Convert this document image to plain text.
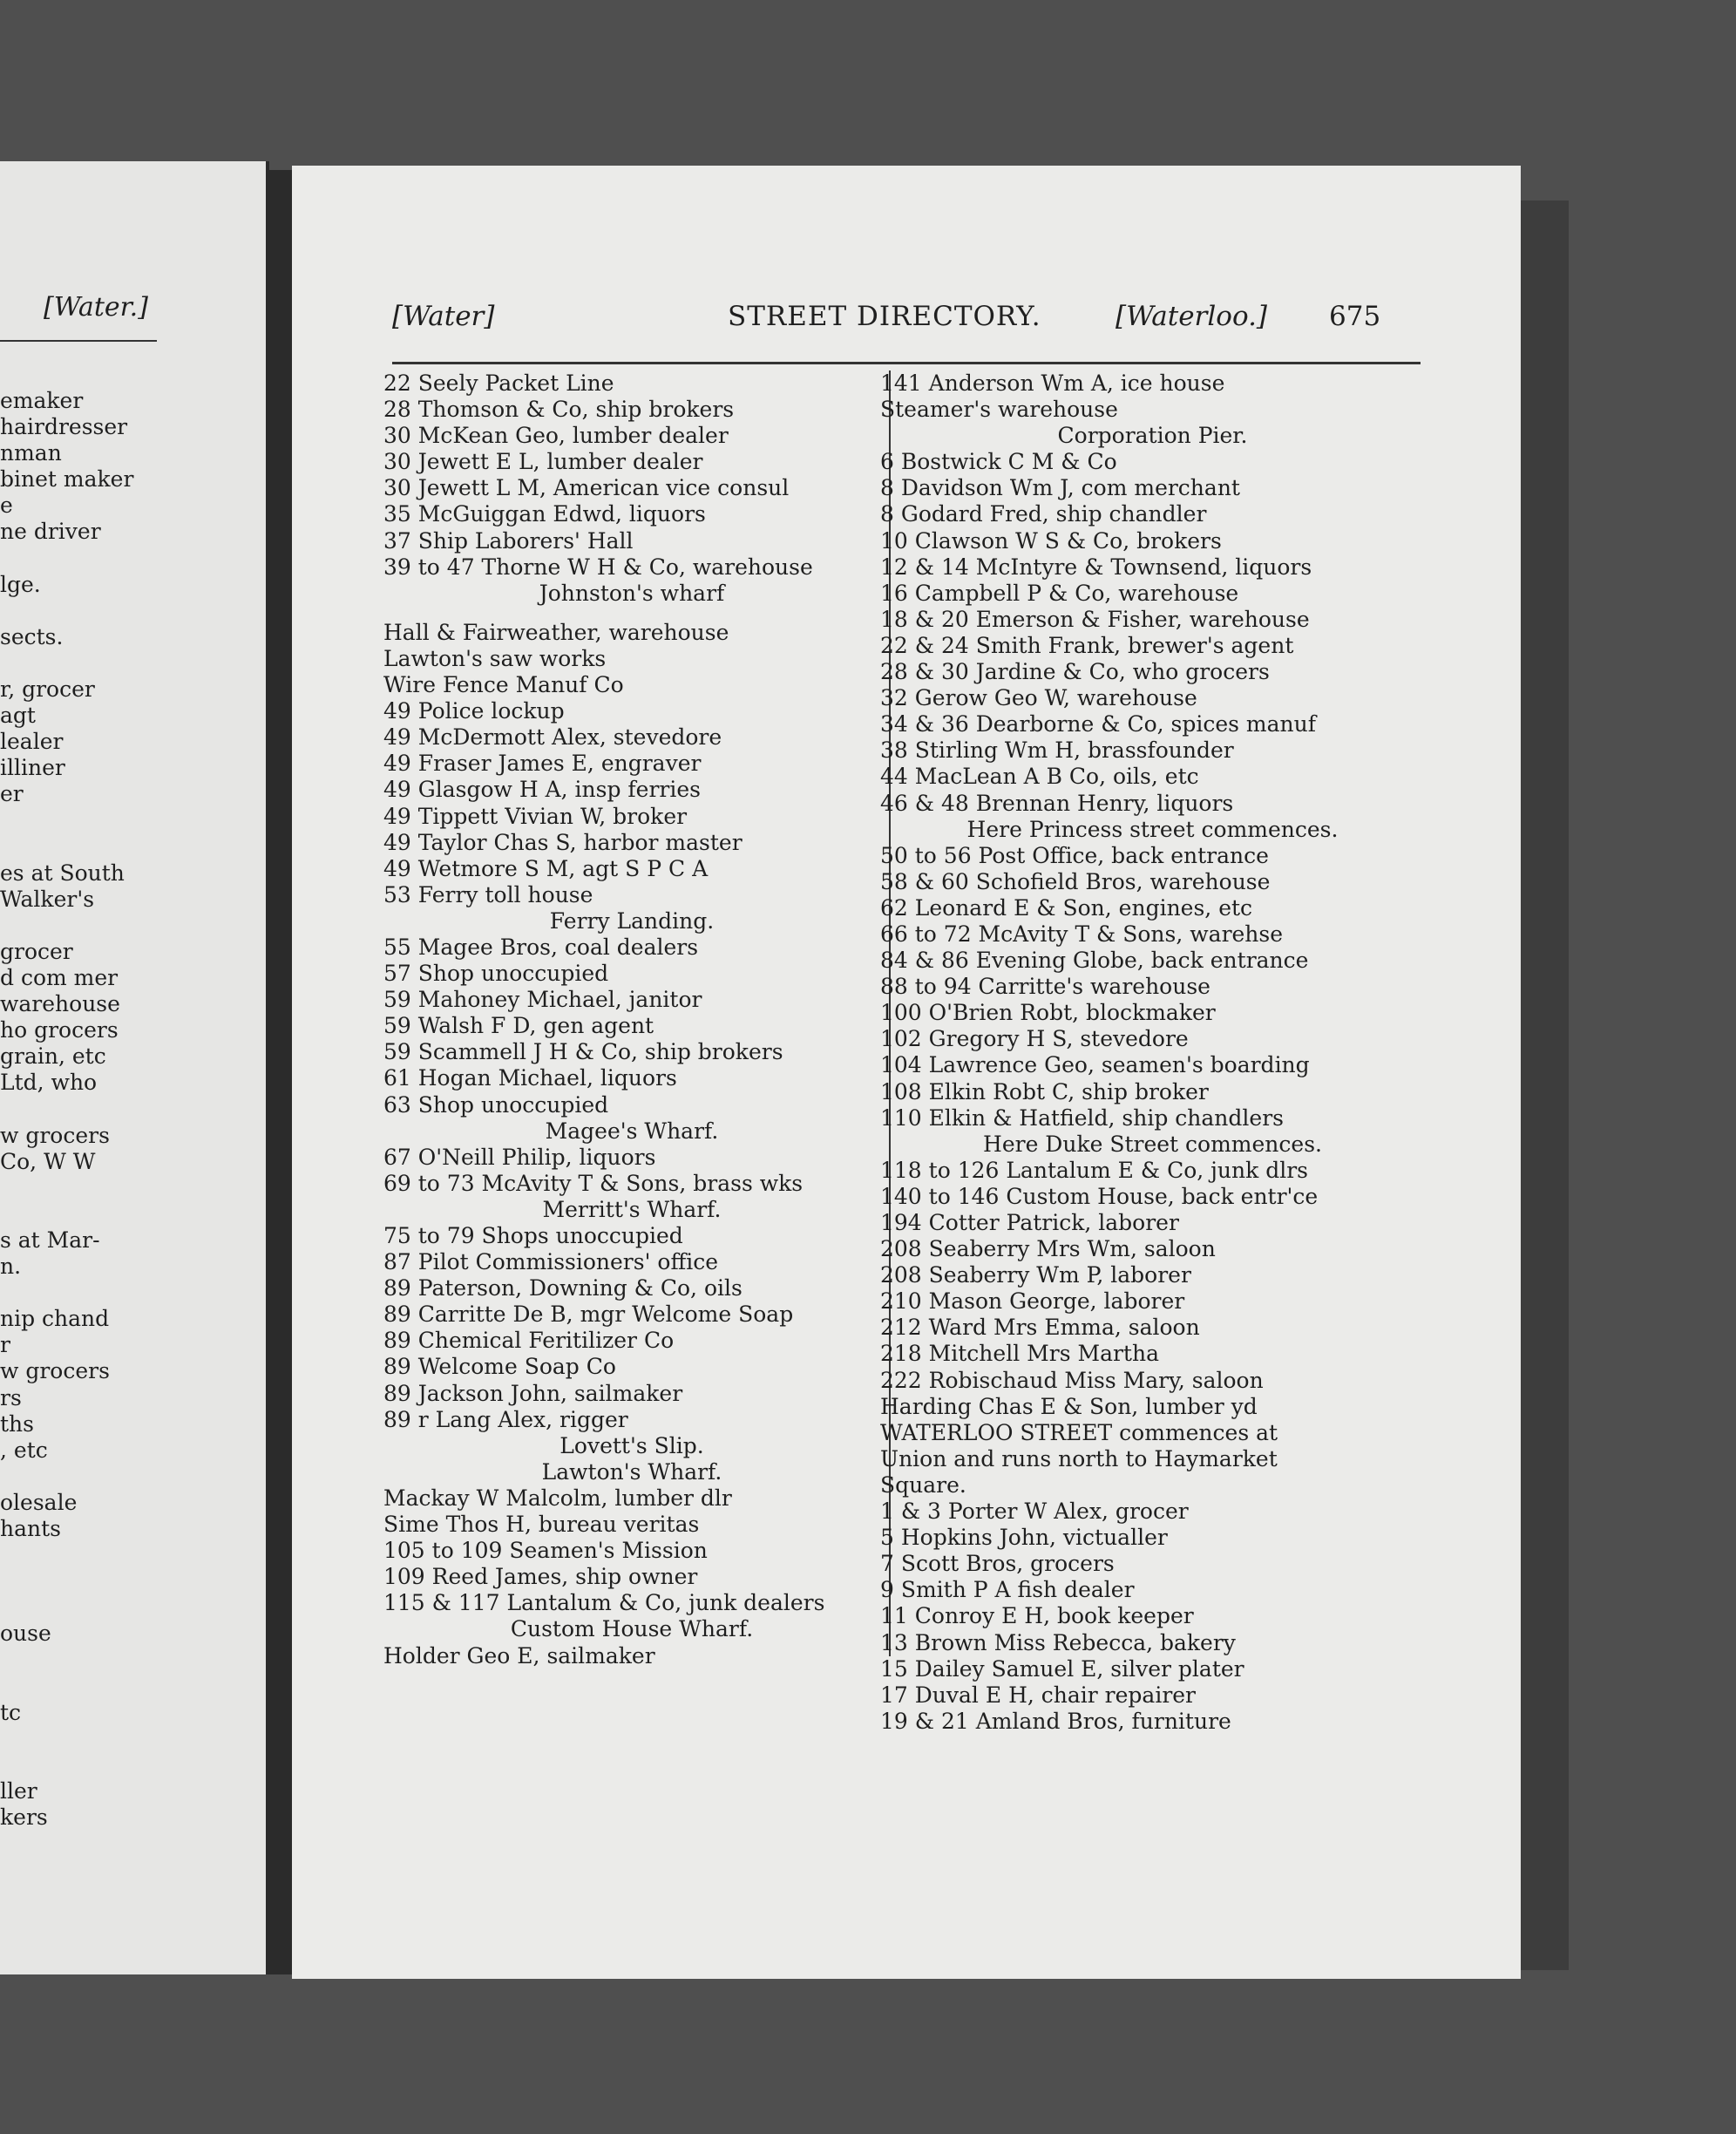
[Water.]
emaker
hairdresser
nman
binet maker
e
ne driver
lge.
sects.
r, grocer
agt
lealer
illiner
er
es at South
Walker's
grocer
d com mer
warehouse
ho grocers
grain, etc
Ltd, who
w grocers
Co, W W
s at Mar-
n.
nip chand
r
w grocers
rs
ths
, etc
olesale
hants
ouse
tc
ller
kers
[Water]	STREET DIRECTORY.	[Waterloo.] 675
22 Seely Packet Line
28 Thomson & Co, ship brokers
30 McKean Geo, lumber dealer
30 Jewett E L, lumber dealer
30 Jewett L M, American vice consul
35 McGuiggan Edwd, liquors
37 Ship Laborers' Hall
39 to 47 Thorne W H & Co, warehouse
Johnston's wharf
Hall & Fairweather, warehouse
Lawton's saw works
Wire Fence Manuf Co
49 Police lockup
49 McDermott Alex, stevedore
49 Fraser James E, engraver
49 Glasgow H A, insp ferries
49 Tippett Vivian W, broker
49 Taylor Chas S, harbor master
49 Wetmore S M, agt S P C A
53 Ferry toll house
Ferry Landing.
55 Magee Bros, coal dealers
57 Shop unoccupied
59 Mahoney Michael, janitor
59 Walsh F D, gen agent
59 Scammell J H & Co, ship brokers
61 Hogan Michael, liquors
63 Shop unoccupied
Magee's Wharf.
67 O'Neill Philip, liquors
69 to 73 McAvity T & Sons, brass wks
Merritt's Wharf.
75 to 79 Shops unoccupied
87 Pilot Commissioners' office
89 Paterson, Downing & Co, oils
89 Carritte De B, mgr Welcome Soap
89 Chemical Feritilizer Co
89 Welcome Soap Co
89 Jackson John, sailmaker
89 r Lang Alex, rigger
Lovett's Slip.
Lawton's Wharf.
Mackay W Malcolm, lumber dlr
Sime Thos H, bureau veritas
105 to 109 Seamen's Mission
109 Reed James, ship owner
115 & 117 Lantalum & Co, junk dealers
Custom House Wharf.
Holder Geo E, sailmaker
141 Anderson Wm A, ice house
Steamer's warehouse
Corporation Pier.
6 Bostwick C M & Co
8 Davidson Wm J, com merchant
8 Godard Fred, ship chandler
10 Clawson W S & Co, brokers
12 & 14 McIntyre & Townsend, liquors
16 Campbell P & Co, warehouse
18 & 20 Emerson & Fisher, warehouse
22 & 24 Smith Frank, brewer's agent
28 & 30 Jardine & Co, who grocers
32 Gerow Geo W, warehouse
34 & 36 Dearborne & Co, spices manuf
38 Stirling Wm H, brassfounder
44 MacLean A B Co, oils, etc
46 & 48 Brennan Henry, liquors
Here Princess street commences.
50 to 56 Post Office, back entrance
58 & 60 Schofield Bros, warehouse
62 Leonard E & Son, engines, etc
66 to 72 McAvity T & Sons, warehse
84 & 86 Evening Globe, back entrance
88 to 94 Carritte's warehouse
100 O'Brien Robt, blockmaker
102 Gregory H S, stevedore
104 Lawrence Geo, seamen's boarding
108 Elkin Robt C, ship broker
110 Elkin & Hatfield, ship chandlers
Here Duke Street commences.
118 to 126 Lantalum E & Co, junk dlrs
140 to 146 Custom House, back entr'ce
194 Cotter Patrick, laborer
208 Seaberry Mrs Wm, saloon
208 Seaberry Wm P, laborer
210 Mason George, laborer
212 Ward Mrs Emma, saloon
218 Mitchell Mrs Martha
222 Robischaud Miss Mary, saloon
Harding Chas E & Son, lumber yd
WATERLOO STREET commences at
Union and runs north to Haymarket
Square.
1 & 3 Porter W Alex, grocer
5 Hopkins John, victualler
7 Scott Bros, grocers
9 Smith P A fish dealer
11 Conroy E H, book keeper
13 Brown Miss Rebecca, bakery
15 Dailey Samuel E, silver plater
17 Duval E H, chair repairer
19 & 21 Amland Bros, furniture
